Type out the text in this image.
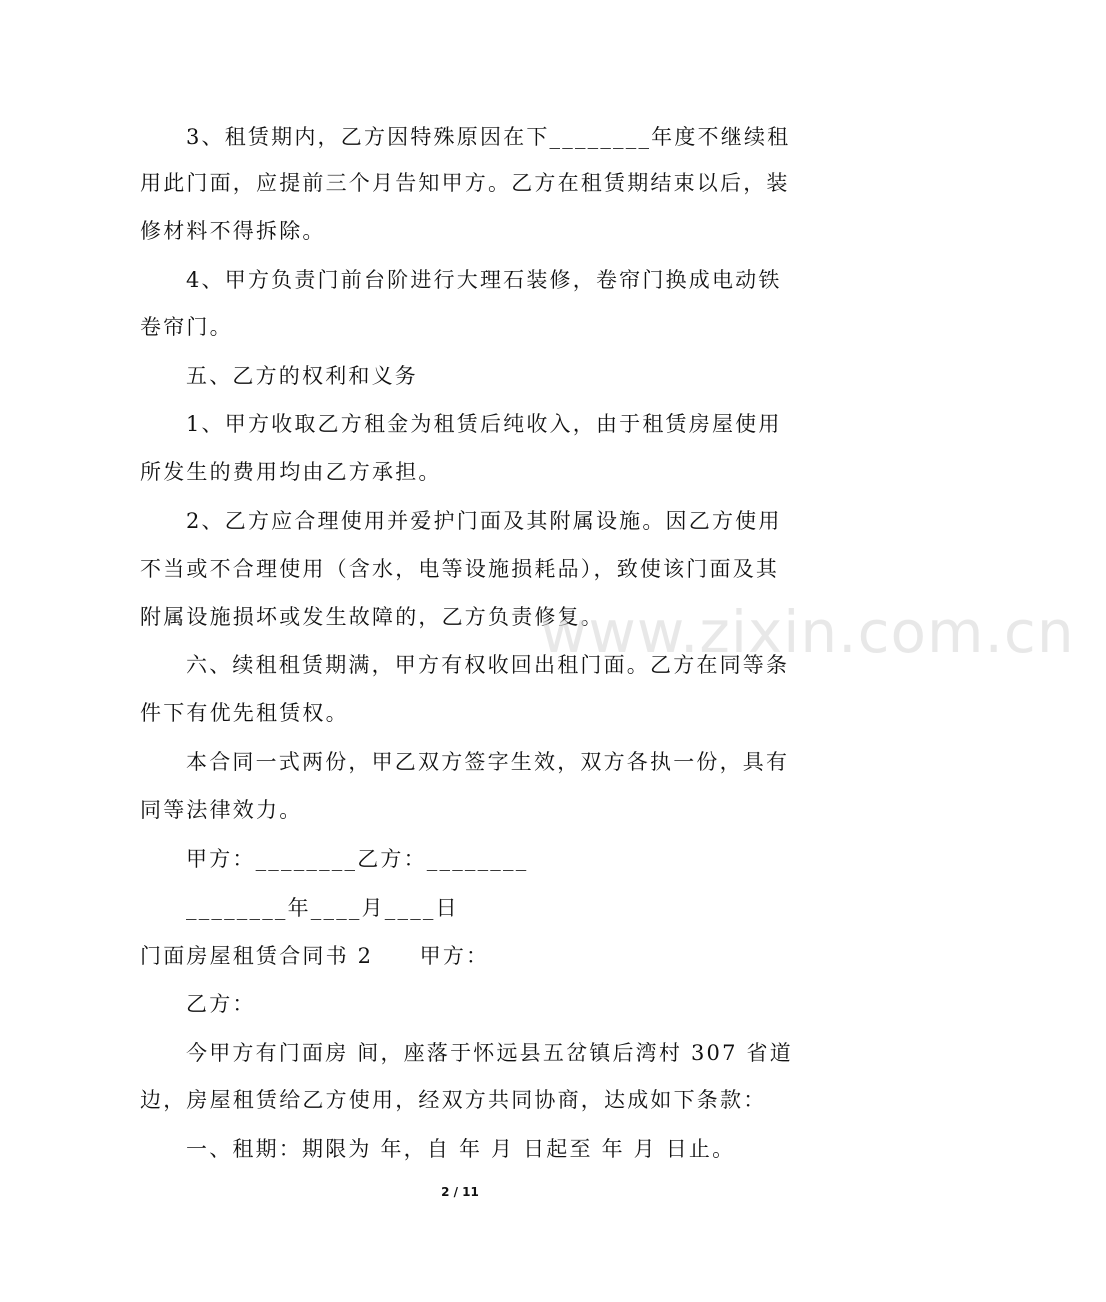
3、租赁期内，乙方因特殊原因在下________年度不继续租
用此门面，应提前三个月告知甲方。乙方在租赁期结束以后，装
修材料不得拆除。
4、甲方负责门前台阶进行大理石装修，卷帘门换成电动铁
卷帘门。
五、乙方的权利和义务
1、甲方收取乙方租金为租赁后纯收入，由于租赁房屋使用
所发生的费用均由乙方承担。
2、乙方应合理使用并爱护门面及其附属设施。因乙方使用
不当或不合理使用（含水，电等设施损耗品），致使该门面及其
附属设施损坏或发生故障的，乙方负责修复。
六、续租租赁期满，甲方有权收回出租门面。乙方在同等条
件下有优先租赁权。
本合同一式两份，甲乙双方签字生效，双方各执一份，具有
同等法律效力。
甲方：________乙方：________
________年____月____日
门面房屋租赁合同书 2　　甲方：
乙方：
今甲方有门面房 间，座落于怀远县五岔镇后湾村 307 省道
边，房屋租赁给乙方使用，经双方共同协商，达成如下条款：
一、租期：期限为 年，自 年 月 日起至 年 月 日止。
www.zixin.com.cn
2 / 11
